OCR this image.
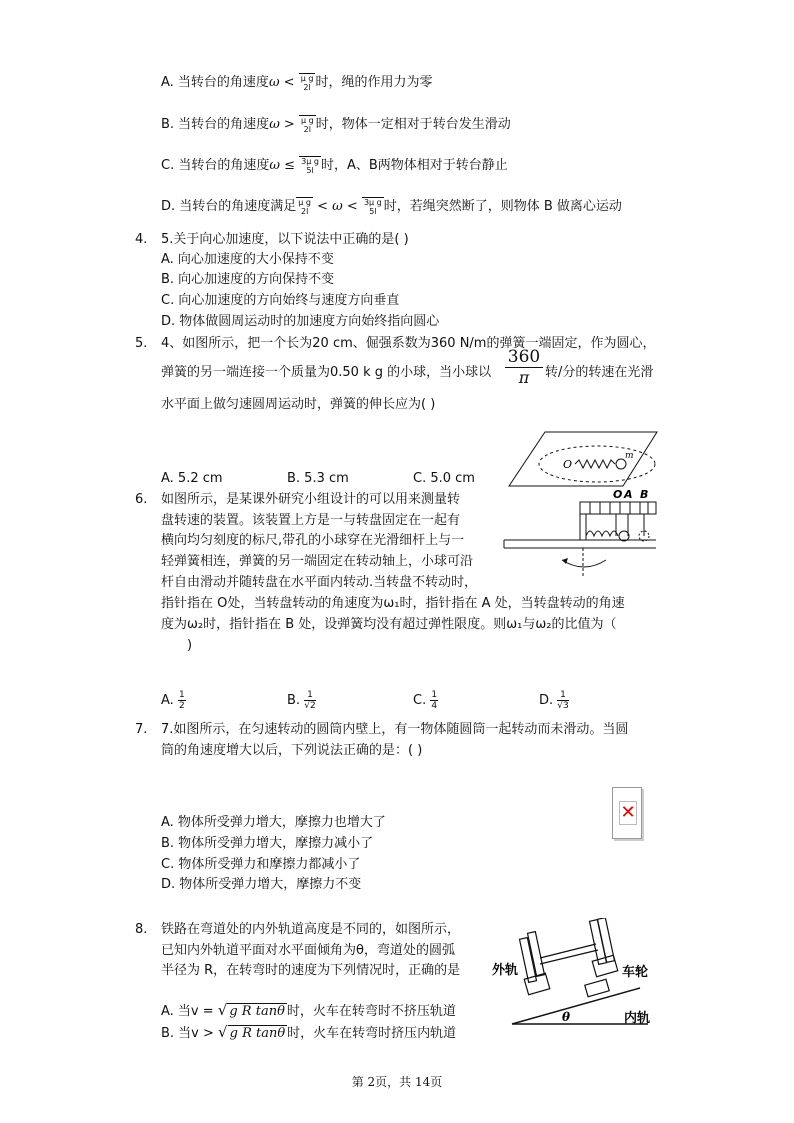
A. 当转台的角速度ω < μ g
2l 时，绳的作用力为零
B. 当转台的角速度ω > μ g
2l 时，物体一定相对于转台发生滑动
C. 当转台的角速度ω ≤ 3μ g
5l 时，A、B两物体相对于转台静止
D. 当转台的角速度满足 μ g
2l < ω < 3μ g
5l 时，若绳突然断了，则物体 B 做离心运动
4. 5.关于向心加速度，以下说法中正确的是( )
A. 向心加速度的大小保持不变
B. 向心加速度的方向保持不变
C. 向心加速度的方向始终与速度方向垂直
D. 物体做圆周运动时的加速度方向始终指向圆心
5. 4、如图所示，把一个长为20 cm、倔强系数为360 N/m的弹簧一端固定，作为圆心，
弹簧的另一端连接一个质量为0.50 k g 的小球，当小球以
360
π	转/分的转速在光滑
水平面上做匀速圆周运动时，弹簧的伸长应为( )
A. 5.2 cm	B. 5.3 cm	C. 5.0 cm
O
m
6. 如图所示，是某课外研究小组设计的可以用来测量转
盘转速的装置。该装置上方是一与转盘固定在一起有
横向均匀刻度的标尺,带孔的小球穿在光滑细杆上与一
轻弹簧相连，弹簧的另一端固定在转动轴上，小球可沿
杆自由滑动并随转盘在水平面内转动.当转盘不转动时，
指针指在 O处，当转盘转动的角速度为ω₁时，指针指在 A 处，当转盘转动的角速
度为ω₂时，指针指在 B 处，设弹簧均没有超过弹性限度。则ω₁与ω₂的比值为（
)
A. $\frac{1}{2}$	B. $\frac{1}{√2}$	C. $\frac{1}{4}$	D. $\frac{1}{√3}$
O A B
7. 7.如图所示，在匀速转动的圆筒内壁上，有一物体随圆筒一起转动而未滑动。当圆
筒的角速度增大以后，下列说法正确的是：( )
✕
A. 物体所受弹力增大，摩擦力也增大了
B. 物体所受弹力增大，摩擦力减小了
C. 物体所受弹力和摩擦力都减小了
D. 物体所受弹力增大，摩擦力不变
8. 铁路在弯道处的内外轨道高度是不同的，如图所示，
已知内外轨道平面对水平面倾角为θ，弯道处的圆弧
半径为 R，在转弯时的速度为下列情况时，正确的是
A. 当v = √ g R tanθ 时，火车在转弯时不挤压轨道
B. 当v > √ g R tanθ 时，火车在转弯时挤压内轨道
外轨	车轮
内轨
θ
第 2页，共 14页
